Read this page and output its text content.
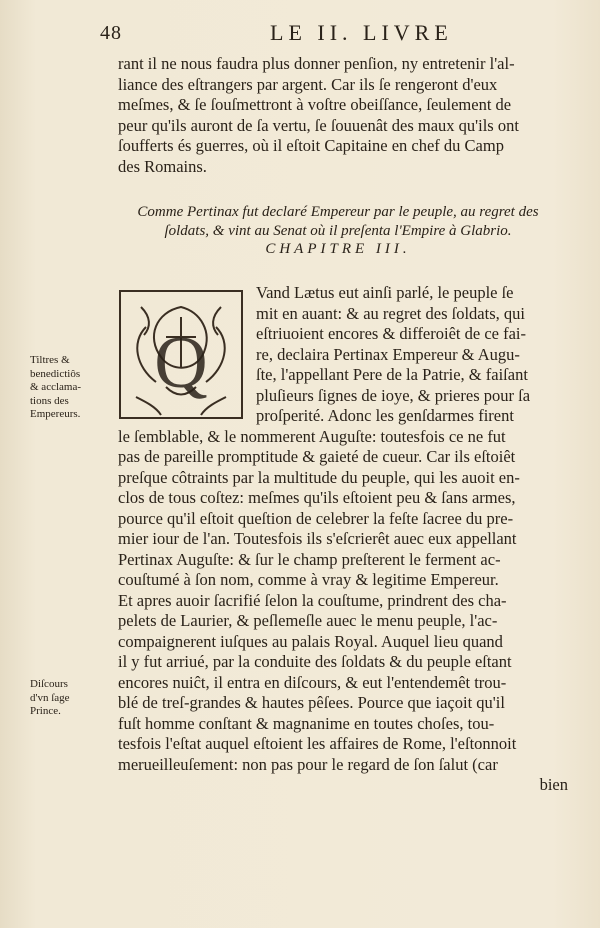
48	LE II. LIVRE
rant il ne nous faudra plus donner penſion, ny entretenir l'al-
liance des eſtrangers par argent. Car ils ſe rengeront d'eux
meſmes, & ſe ſouſmettront à voſtre obeiſſance, ſeulement de
peur qu'ils auront de ſa vertu, ſe ſouuenât des maux qu'ils ont
ſoufferts és guerres, où il eſtoit Capitaine en chef du Camp
des Romains.
Comme Pertinax fut declaré Empereur par le peuple, au regret des
ſoldats, & vint au Senat où il preſenta l'Empire à Glabrio.
CHAPITRE III.
Q
Vand Lætus eut ainſi parlé, le peuple ſe
mit en auant: & au regret des ſoldats, qui
eſtriuoient encores & differoiêt de ce fai-
re, declaira Pertinax Empereur & Augu-
ſte, l'appellant Pere de la Patrie, & faiſant
pluſieurs ſignes de ioye, & prieres pour ſa
proſperité. Adonc les genſdarmes firent
le ſemblable, & le nommerent Auguſte: toutesfois ce ne fut
pas de pareille promptitude & gaieté de cueur. Car ils eſtoiêt
preſque côtraints par la multitude du peuple, qui les auoit en-
clos de tous coſtez: meſmes qu'ils eſtoient peu & ſans armes,
pource qu'il eſtoit queſtion de celebrer la feſte ſacree du pre-
mier iour de l'an. Toutesfois ils s'eſcrierêt auec eux appellant
Pertinax Auguſte: & ſur le champ preſterent le ferment ac-
couſtumé à ſon nom, comme à vray & legitime Empereur.
Et apres auoir ſacrifié ſelon la couſtume, prindrent des cha-
pelets de Laurier, & peſlemeſle auec le menu peuple, l'ac-
compaignerent iuſques au palais Royal. Auquel lieu quand
il y fut arriué, par la conduite des ſoldats & du peuple eſtant
encores nuiĉt, il entra en diſcours, & eut l'entendemêt trou-
blé de treſ-grandes & hautes pêſees. Pource que iaçoit qu'il
fuſt homme conſtant & magnanime en toutes choſes, tou-
tesfois l'eſtat auquel eſtoient les affaires de Rome, l'eſtonnoit
merueilleuſement: non pas pour le regard de ſon ſalut (car
bien
Tiltres &
benedictiôs
& acclama-
tions des
Empereurs.
Diſcours
d'vn ſage
Prince.
